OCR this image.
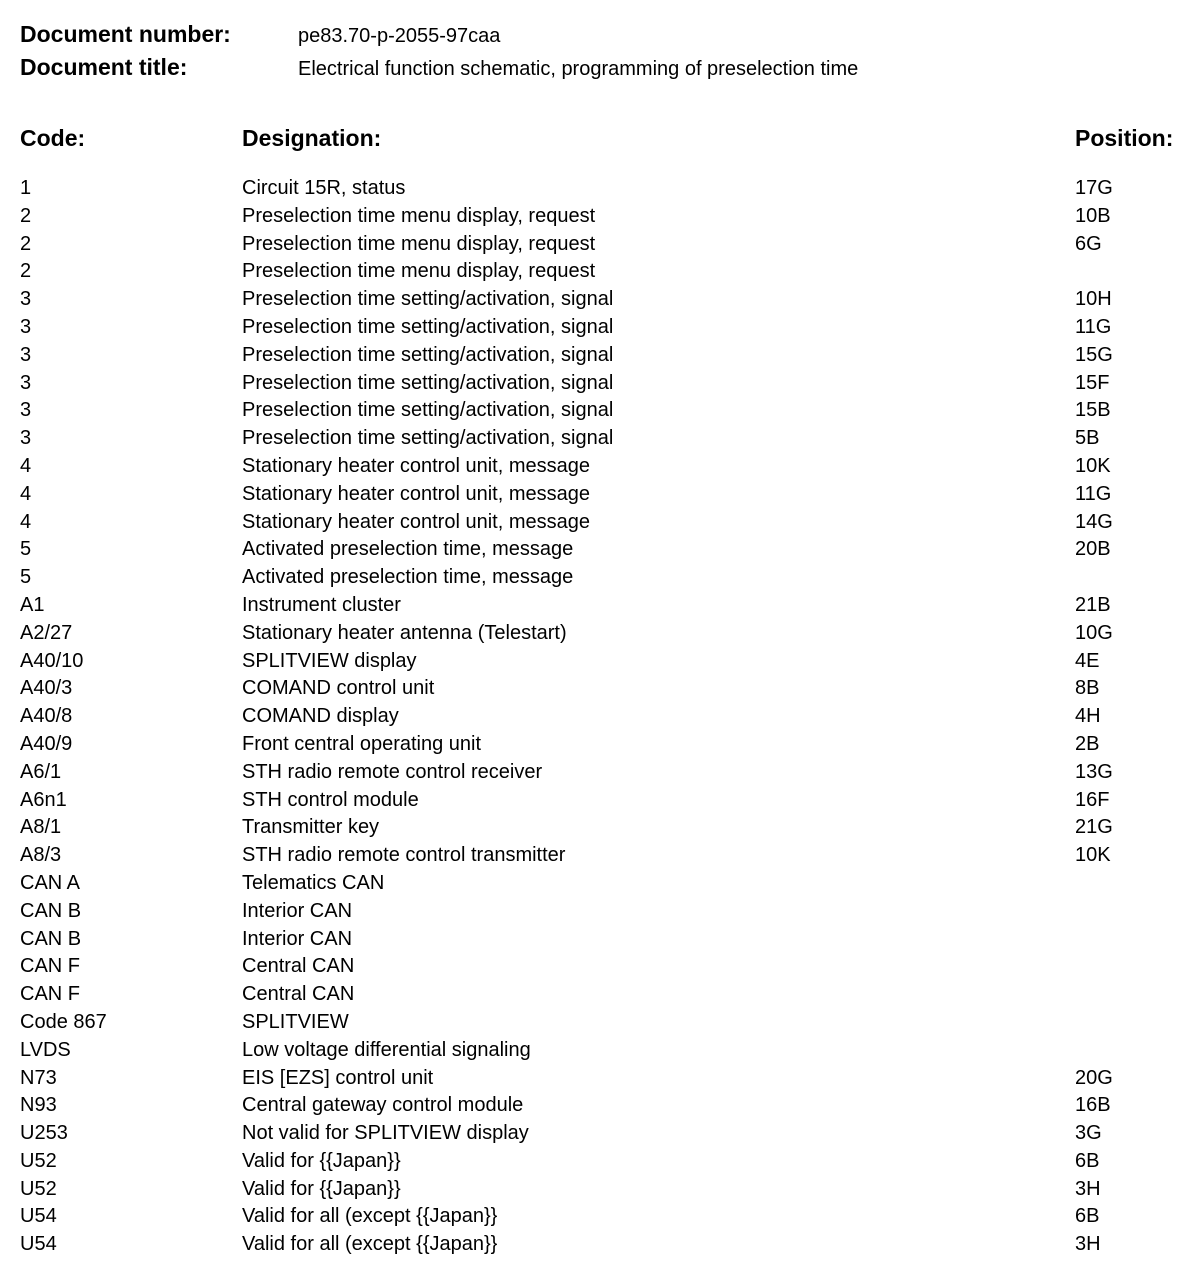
Document number:	pe83.70-p-2055-97caa
Document title:	Electrical function schematic, programming of preselection time
Code:	Designation:	Position:
1	Circuit 15R, status	17G
2	Preselection time menu display, request	10B
2	Preselection time menu display, request	6G
2	Preselection time menu display, request
3	Preselection time setting/activation, signal	10H
3	Preselection time setting/activation, signal	11G
3	Preselection time setting/activation, signal	15G
3	Preselection time setting/activation, signal	15F
3	Preselection time setting/activation, signal	15B
3	Preselection time setting/activation, signal	5B
4	Stationary heater control unit, message	10K
4	Stationary heater control unit, message	11G
4	Stationary heater control unit, message	14G
5	Activated preselection time, message	20B
5	Activated preselection time, message
A1	Instrument cluster	21B
A2/27	Stationary heater antenna (Telestart)	10G
A40/10	SPLITVIEW display	4E
A40/3	COMAND control unit	8B
A40/8	COMAND display	4H
A40/9	Front central operating unit	2B
A6/1	STH radio remote control receiver	13G
A6n1	STH control module	16F
A8/1	Transmitter key	21G
A8/3	STH radio remote control transmitter	10K
CAN A	Telematics CAN
CAN B	Interior CAN
CAN B	Interior CAN
CAN F	Central CAN
CAN F	Central CAN
Code 867	SPLITVIEW
LVDS	Low voltage differential signaling
N73	EIS [EZS] control unit	20G
N93	Central gateway control module	16B
U253	Not valid for SPLITVIEW display	3G
U52	Valid for {{Japan}}	6B
U52	Valid for {{Japan}}	3H
U54	Valid for all (except {{Japan}}	6B
U54	Valid for all (except {{Japan}}	3H
